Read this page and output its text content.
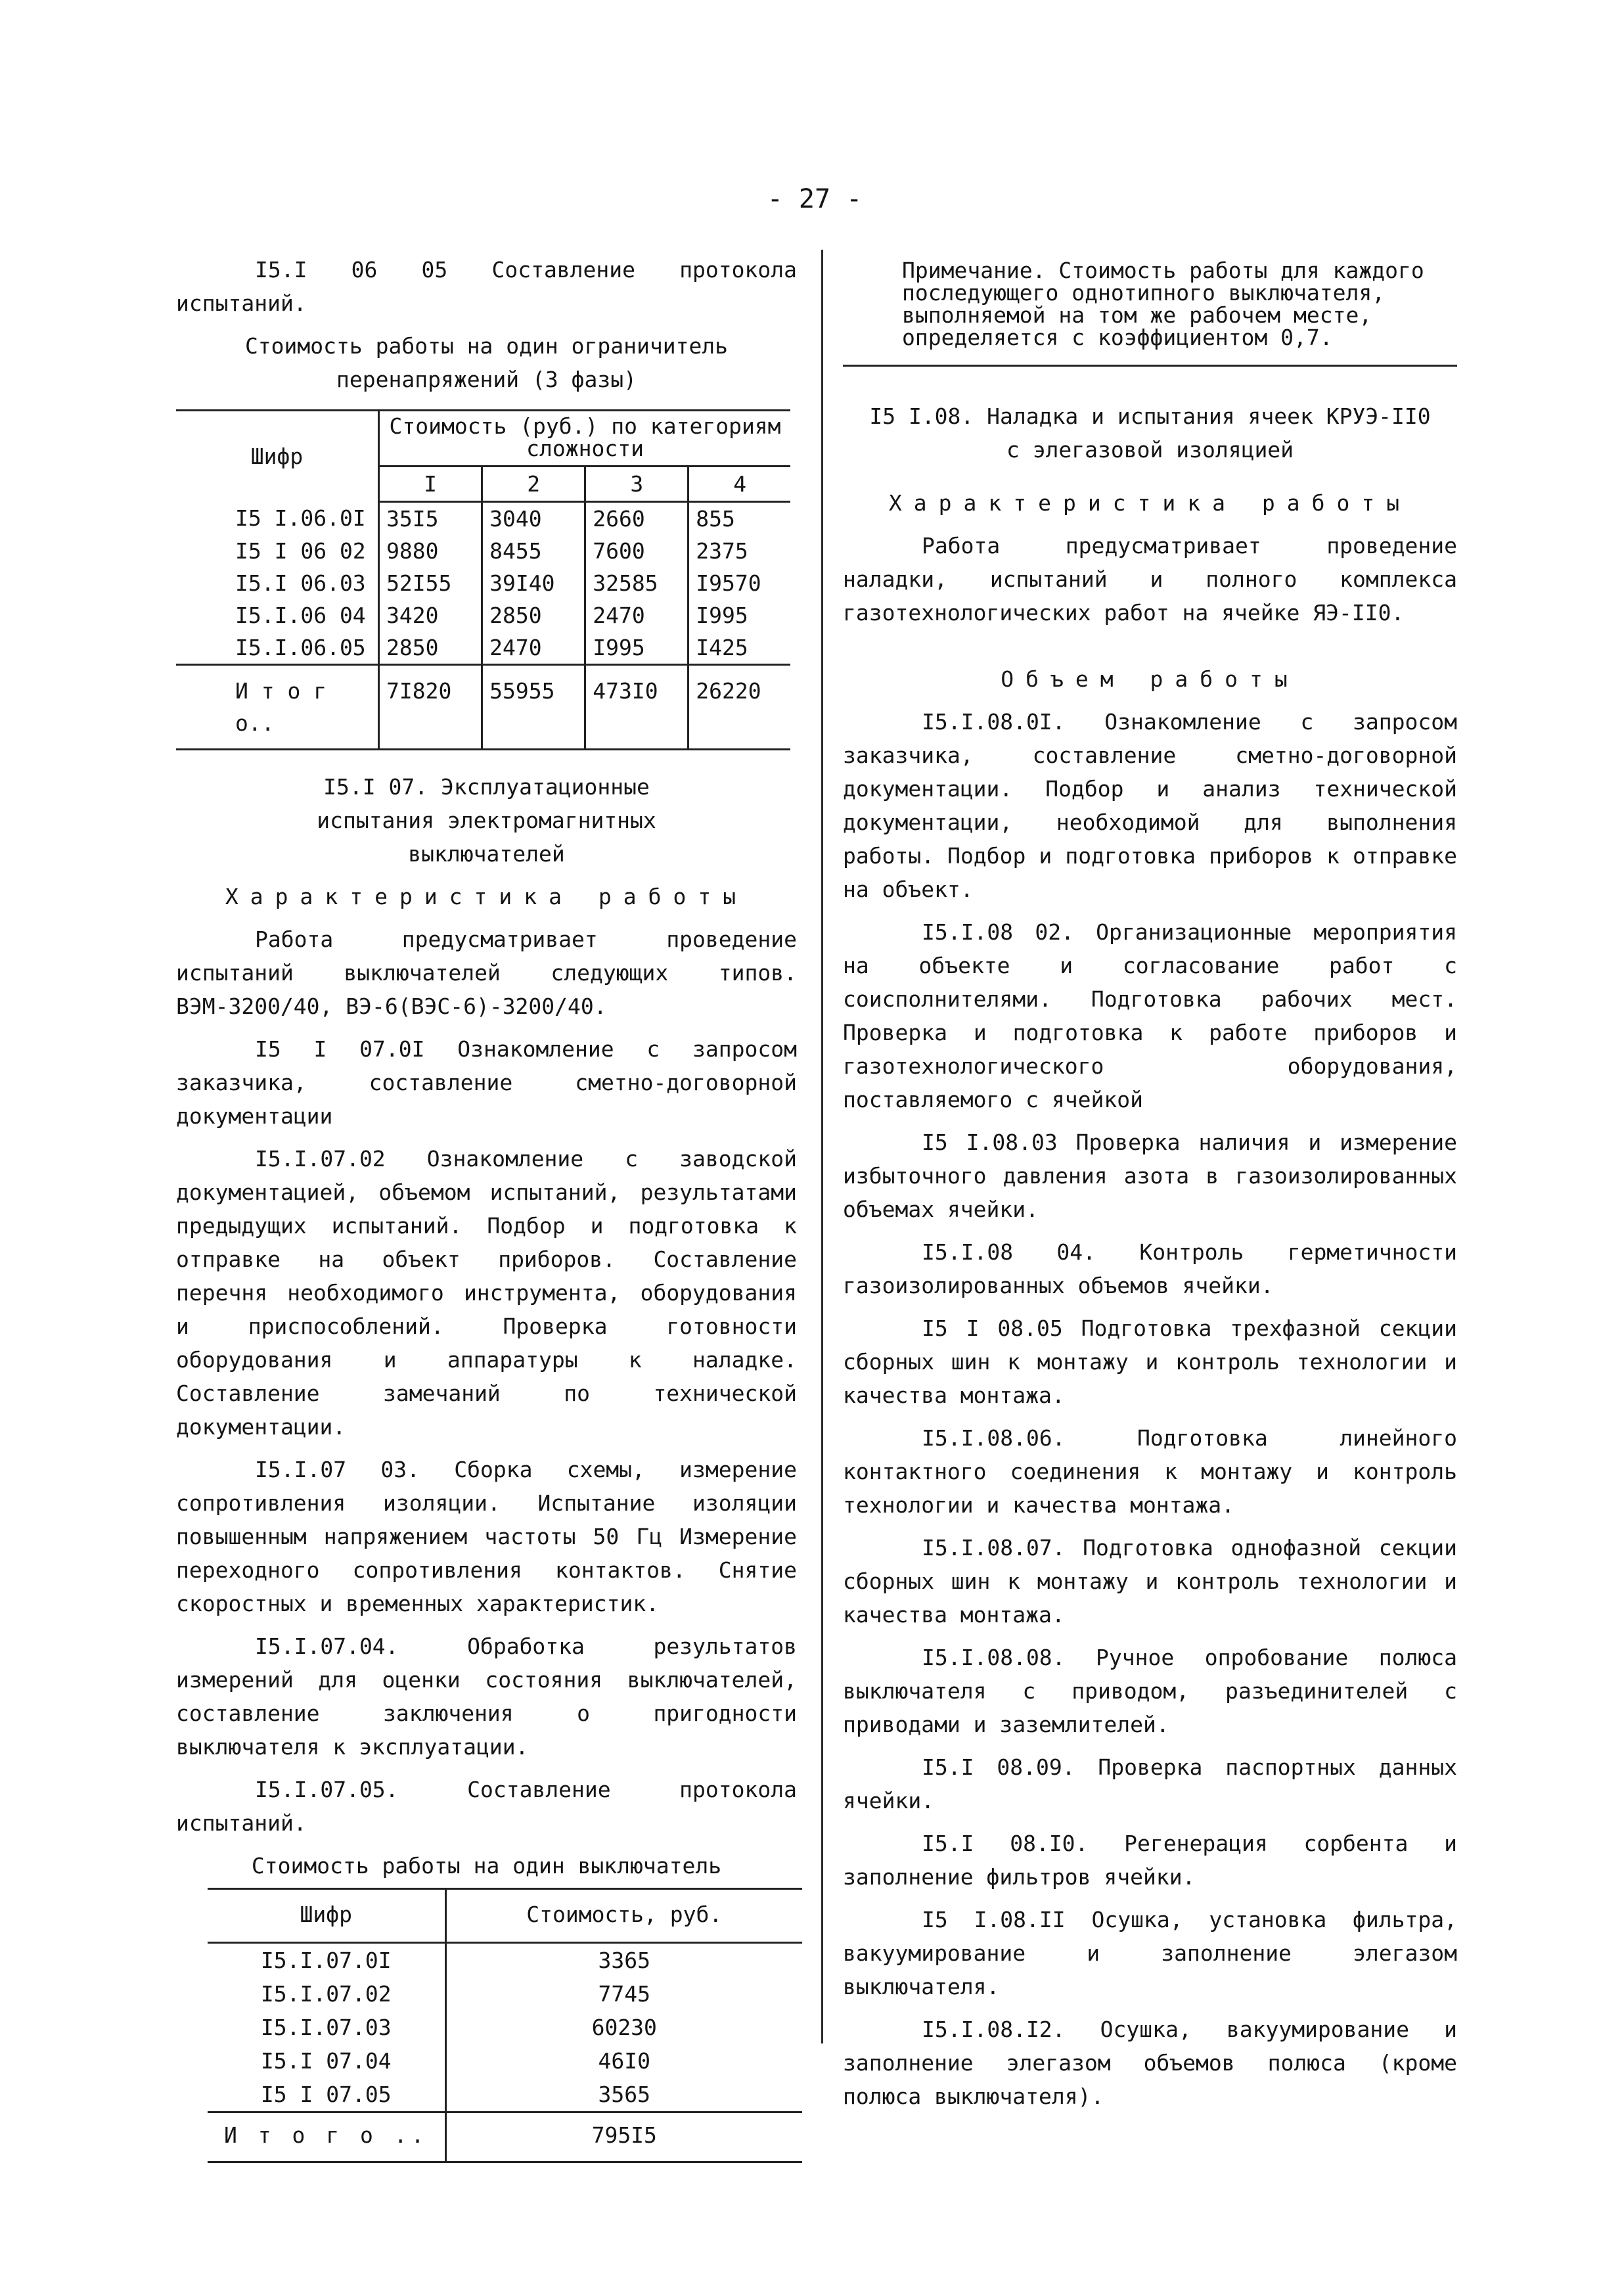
- 27 -

I5.I 06 05 Составление протокола испытаний.

Стоимость работы на один ограничитель перенапряжений (3 фазы)

Шифр	Стоимость (руб.) по категориям сложности			
	I	2	3	4
I5 I.06.0I	35I5	3040	2660	855
I5 I 06 02	9880	8455	7600	2375
I5.I 06.03	52I55	39I40	32585	I9570
I5.I.06 04	3420	2850	2470	I995
I5.I.06.05	2850	2470	I995	I425
И т о г о..	7I820	55955	473I0	26220

I5.I 07. Эксплуатационные испытания электромагнитных выключателей

Характеристика работы

Работа предусматривает проведение испытаний выключателей следующих типов. ВЭМ-3200/40, ВЭ-6(ВЭС-6)-3200/40.

I5 I 07.0I Ознакомление с запросом заказчика, составление сметно-договорной документации

I5.I.07.02 Ознакомление с заводской документацией, объемом испытаний, результатами предыдущих испытаний. Подбор и подготовка к отправке на объект приборов. Составление перечня необходимого инструмента, оборудования и приспособлений. Проверка готовности оборудования и аппаратуры к наладке. Составление замечаний по технической документации.

I5.I.07 03. Сборка схемы, измерение сопротивления изоляции. Испытание изоляции повышенным напряжением частоты 50 Гц Измерение переходного сопротивления контактов. Снятие скоростных и временных характеристик.

I5.I.07.04. Обработка результатов измерений для оценки состояния выключателей, составление заключения о пригодности выключателя к эксплуатации.

I5.I.07.05. Составление протокола испытаний.

Стоимость работы на один выключатель

Шифр	Стоимость, руб.
I5.I.07.0I	3365
I5.I.07.02	7745
I5.I.07.03	60230
I5.I 07.04	46I0
I5 I 07.05	3565
И т о г о ..	795I5

Примечание. Стоимость работы для каждого последующего однотипного выключателя, выполняемой на том же рабочем месте, определяется с коэффициентом 0,7.

I5 I.08. Наладка и испытания ячеек КРУЭ-II0 с элегазовой изоляцией

Характеристика работы

Работа предусматривает проведение наладки, испытаний и полного комплекса газотехнологических работ на ячейке ЯЭ-II0.

Объем работы

I5.I.08.0I. Ознакомление с запросом заказчика, составление сметно-договорной документации. Подбор и анализ технической документации, необходимой для выполнения работы. Подбор и подготовка приборов к отправке на объект.

I5.I.08 02. Организационные мероприятия на объекте и согласование работ с соисполнителями. Подготовка рабочих мест. Проверка и подготовка к работе приборов и газотехнологического оборудования, поставляемого с ячейкой

I5 I.08.03 Проверка наличия и измерение избыточного давления азота в газоизолированных объемах ячейки.

I5.I.08 04. Контроль герметичности газоизолированных объемов ячейки.

I5 I 08.05 Подготовка трехфазной секции сборных шин к монтажу и контроль технологии и качества монтажа.

I5.I.08.06. Подготовка линейного контактного соединения к монтажу и контроль технологии и качества монтажа.

I5.I.08.07. Подготовка однофазной секции сборных шин к монтажу и контроль технологии и качества монтажа.

I5.I.08.08. Ручное опробование полюса выключателя с приводом, разъединителей с приводами и заземлителей.

I5.I 08.09. Проверка паспортных данных ячейки.

I5.I 08.I0. Регенерация сорбента и заполнение фильтров ячейки.

I5 I.08.II Осушка, установка фильтра, вакуумирование и заполнение элегазом выключателя.

I5.I.08.I2. Осушка, вакуумирование и заполнение элегазом объемов полюса (кроме полюса выключателя).
